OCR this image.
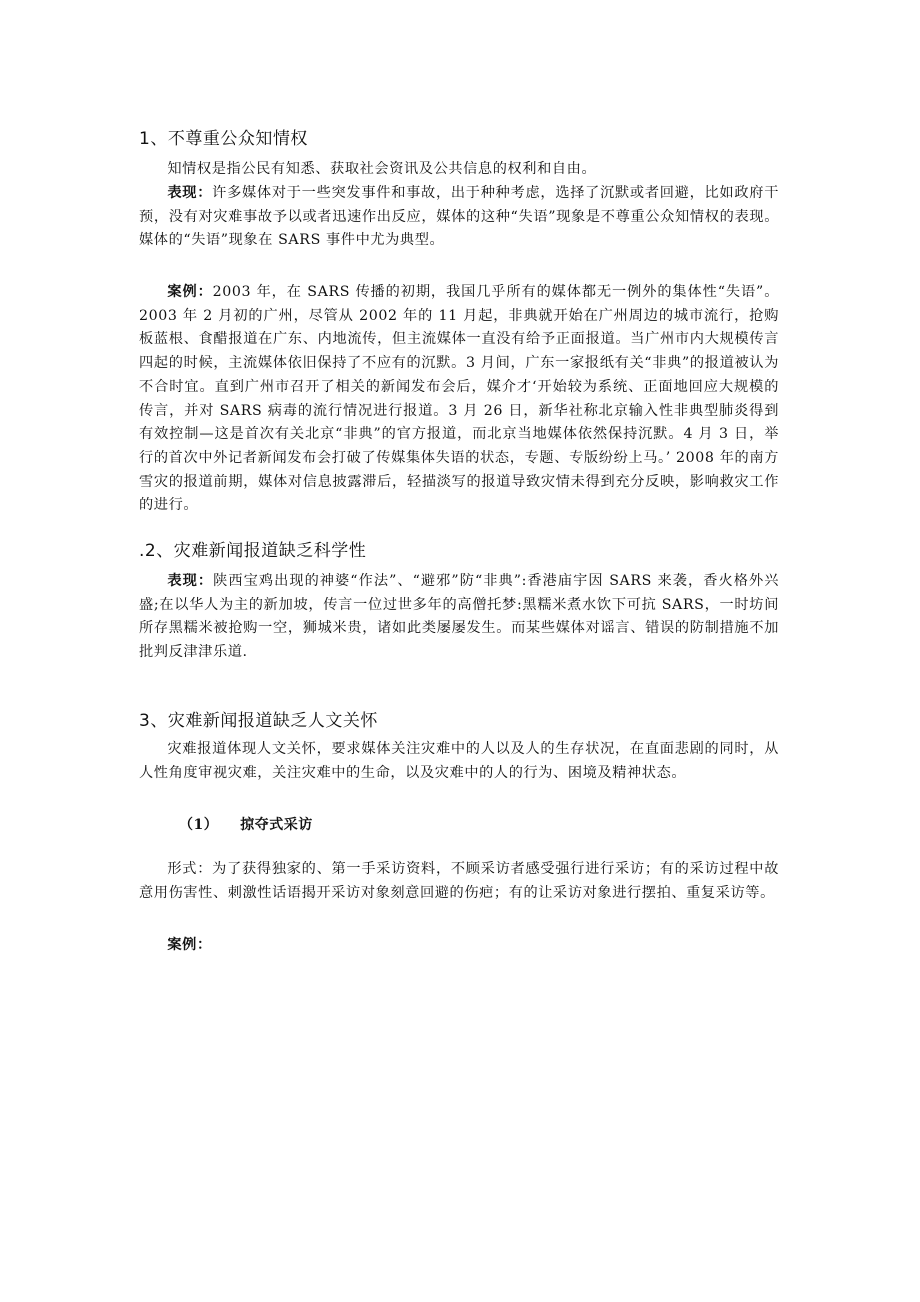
1、不尊重公众知情权

知情权是指公民有知悉、获取社会资讯及公共信息的权利和自由。

表现：许多媒体对于一些突发事件和事故，出于种种考虑，选择了沉默或者回避，比如政府干预，没有对灾难事故予以或者迅速作出反应，媒体的这种“失语”现象是不尊重公众知情权的表现。媒体的“失语”现象在 SARS 事件中尤为典型。

案例：2003 年，在 SARS 传播的初期，我国几乎所有的媒体都无一例外的集体性“失语”。2003 年 2 月初的广州，尽管从 2002 年的 11 月起，非典就开始在广州周边的城市流行，抢购板蓝根、食醋报道在广东、内地流传，但主流媒体一直没有给予正面报道。当广州市内大规模传言四起的时候，主流媒体依旧保持了不应有的沉默。3 月间，广东一家报纸有关“非典”的报道被认为不合时宜。直到广州市召开了相关的新闻发布会后，媒介才‘开始较为系统、正面地回应大规模的传言，并对 SARS 病毒的流行情况进行报道。3 月 26 日，新华社称北京输入性非典型肺炎得到有效控制—这是首次有关北京“非典”的官方报道，而北京当地媒体依然保持沉默。4 月 3 日，举行的首次中外记者新闻发布会打破了传媒集体失语的状态，专题、专版纷纷上马。’ 2008 年的南方雪灾的报道前期，媒体对信息披露滞后，轻描淡写的报道导致灾情未得到充分反映，影响救灾工作的进行。

.2、灾难新闻报道缺乏科学性

表现：陕西宝鸡出现的神婆“作法”、“避邪”防“非典”:香港庙宇因 SARS 来袭，香火格外兴盛;在以华人为主的新加坡，传言一位过世多年的高僧托梦:黑糯米煮水饮下可抗 SARS，一时坊间所存黑糯米被抢购一空，狮城米贵，诸如此类屡屡发生。而某些媒体对谣言、错误的防制措施不加批判反津津乐道.

3、灾难新闻报道缺乏人文关怀

灾难报道体现人文关怀，要求媒体关注灾难中的人以及人的生存状况，在直面悲剧的同时，从人性角度审视灾难，关注灾难中的生命，以及灾难中的人的行为、困境及精神状态。

（1） 掠夺式采访

形式：为了获得独家的、第一手采访资料，不顾采访者感受强行进行采访；有的采访过程中故意用伤害性、刺激性话语揭开采访对象刻意回避的伤疤；有的让采访对象进行摆拍、重复采访等。

案例：
